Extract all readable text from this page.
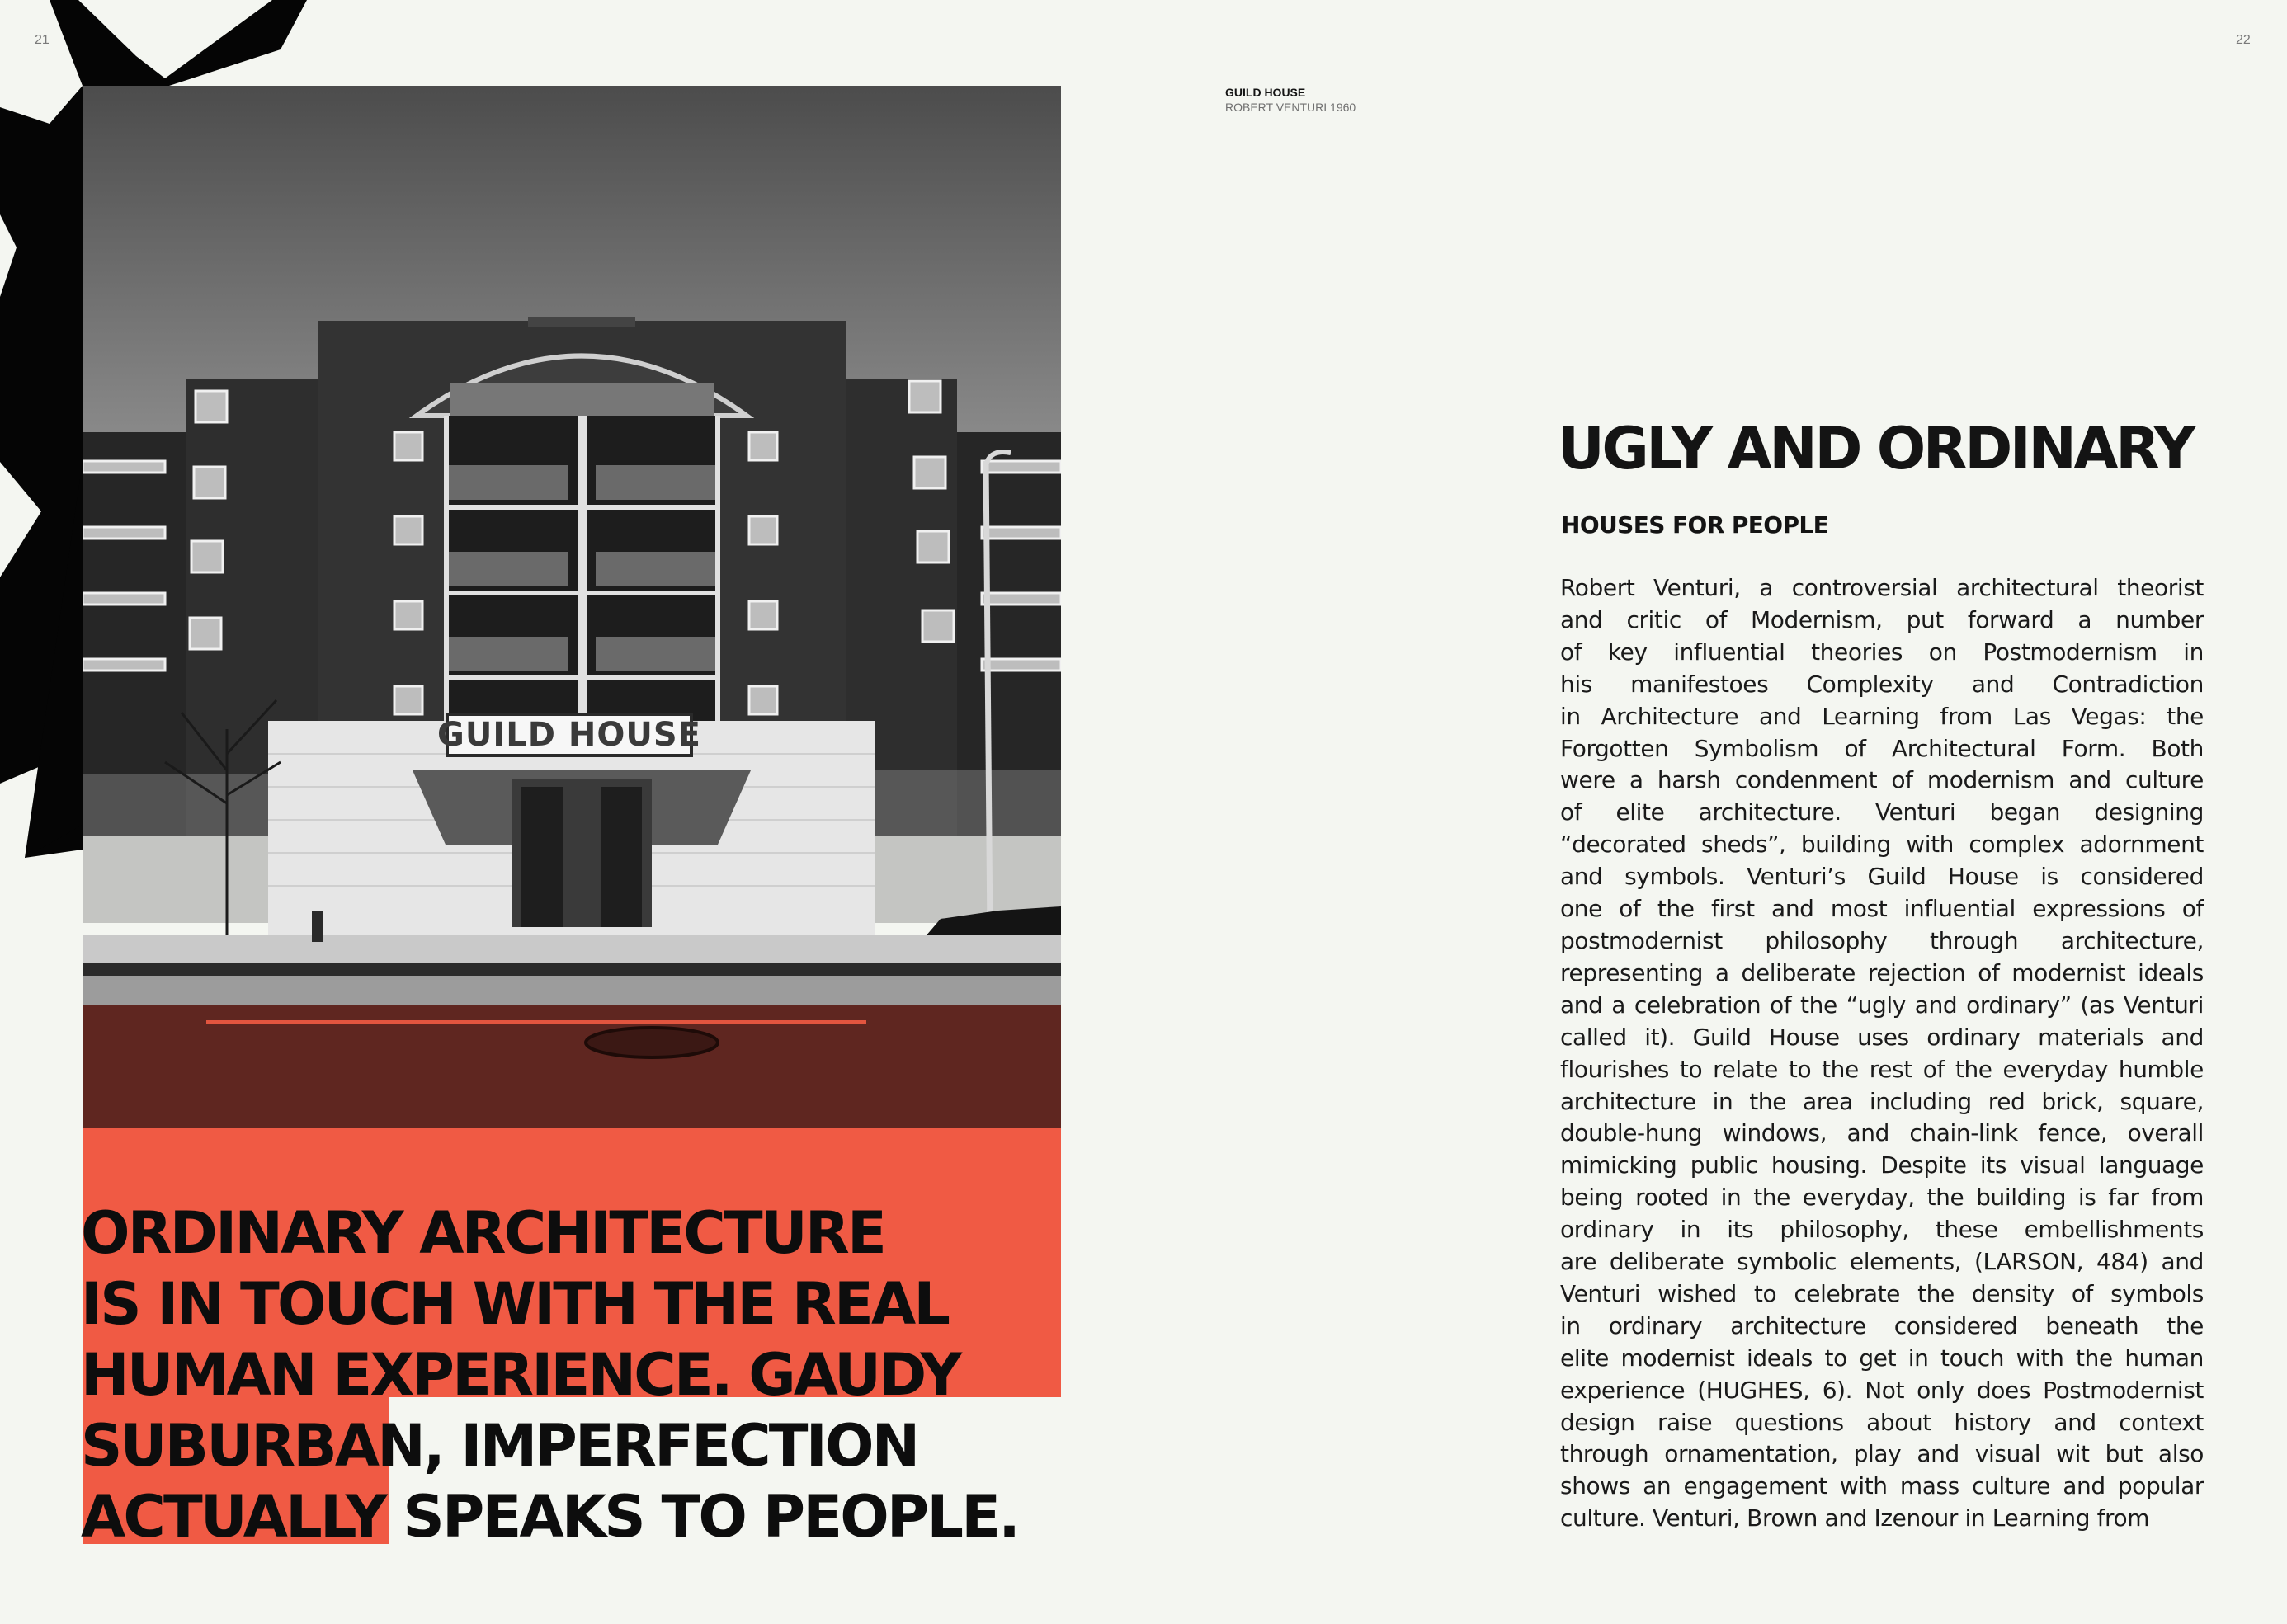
21
GUILD HOUSE
ORDINARY ARCHITECTURE
IS IN TOUCH WITH THE REAL
HUMAN EXPERIENCE. GAUDY
SUBURBAN, IMPERFECTION
ACTUALLY SPEAKS TO PEOPLE.
22
GUILD HOUSE
ROBERT VENTURI 1960
UGLY AND ORDINARY
HOUSES FOR PEOPLE
Robert Venturi, a controversial architectural theorist
and critic of Modernism, put forward a number
of key influential theories on Postmodernism in
his manifestoes Complexity and Contradiction
in Architecture and Learning from Las Vegas: the
Forgotten Symbolism of Architectural Form. Both
were a harsh condenment of modernism and culture
of elite architecture. Venturi began designing
“decorated sheds”, building with complex adornment
and symbols. Venturi’s Guild House is considered
one of the first and most influential expressions of
postmodernist philosophy through architecture,
representing a deliberate rejection of modernist ideals
and a celebration of the “ugly and ordinary” (as Venturi
called it). Guild House uses ordinary materials and
flourishes to relate to the rest of the everyday humble
architecture in the area including red brick, square,
double-hung windows, and chain-link fence, overall
mimicking public housing. Despite its visual language
being rooted in the everyday, the building is far from
ordinary in its philosophy, these embellishments
are deliberate symbolic elements, (LARSON, 484) and
Venturi wished to celebrate the density of symbols
in ordinary architecture considered beneath the
elite modernist ideals to get in touch with the human
experience (HUGHES, 6). Not only does Postmodernist
design raise questions about history and context
through ornamentation, play and visual wit but also
shows an engagement with mass culture and popular
culture. Venturi, Brown and Izenour in Learning from
